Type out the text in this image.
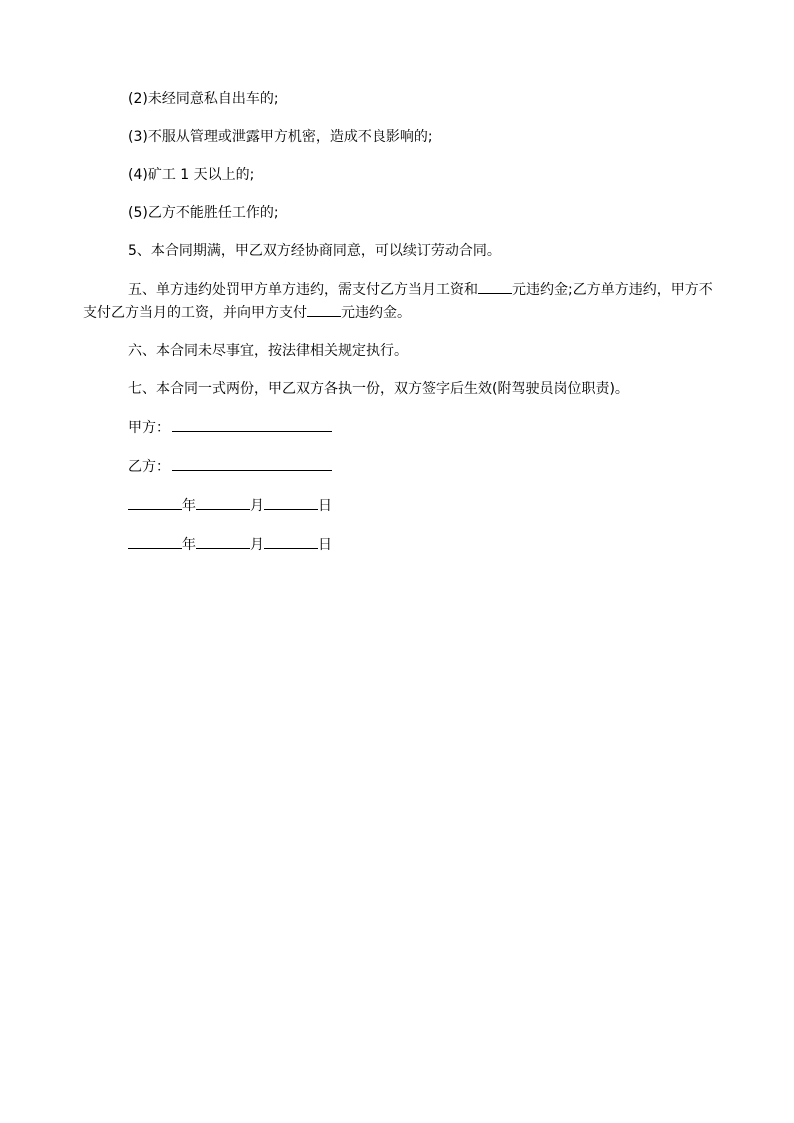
(2)未经同意私自出车的;

(3)不服从管理或泄露甲方机密，造成不良影响的;

(4)矿工 1 天以上的;

(5)乙方不能胜任工作的;

5、本合同期满，甲乙双方经协商同意，可以续订劳动合同。

五、单方违约处罚甲方单方违约，需支付乙方当月工资和 元违约金;乙方单方违约，甲方不支付乙方当月的工资，并向甲方支付 元违约金。

六、本合同未尽事宜，按法律相关规定执行。

七、本合同一式两份，甲乙双方各执一份，双方签字后生效(附驾驶员岗位职责)。

甲方：
乙方：
年	月	日
年	月	日
